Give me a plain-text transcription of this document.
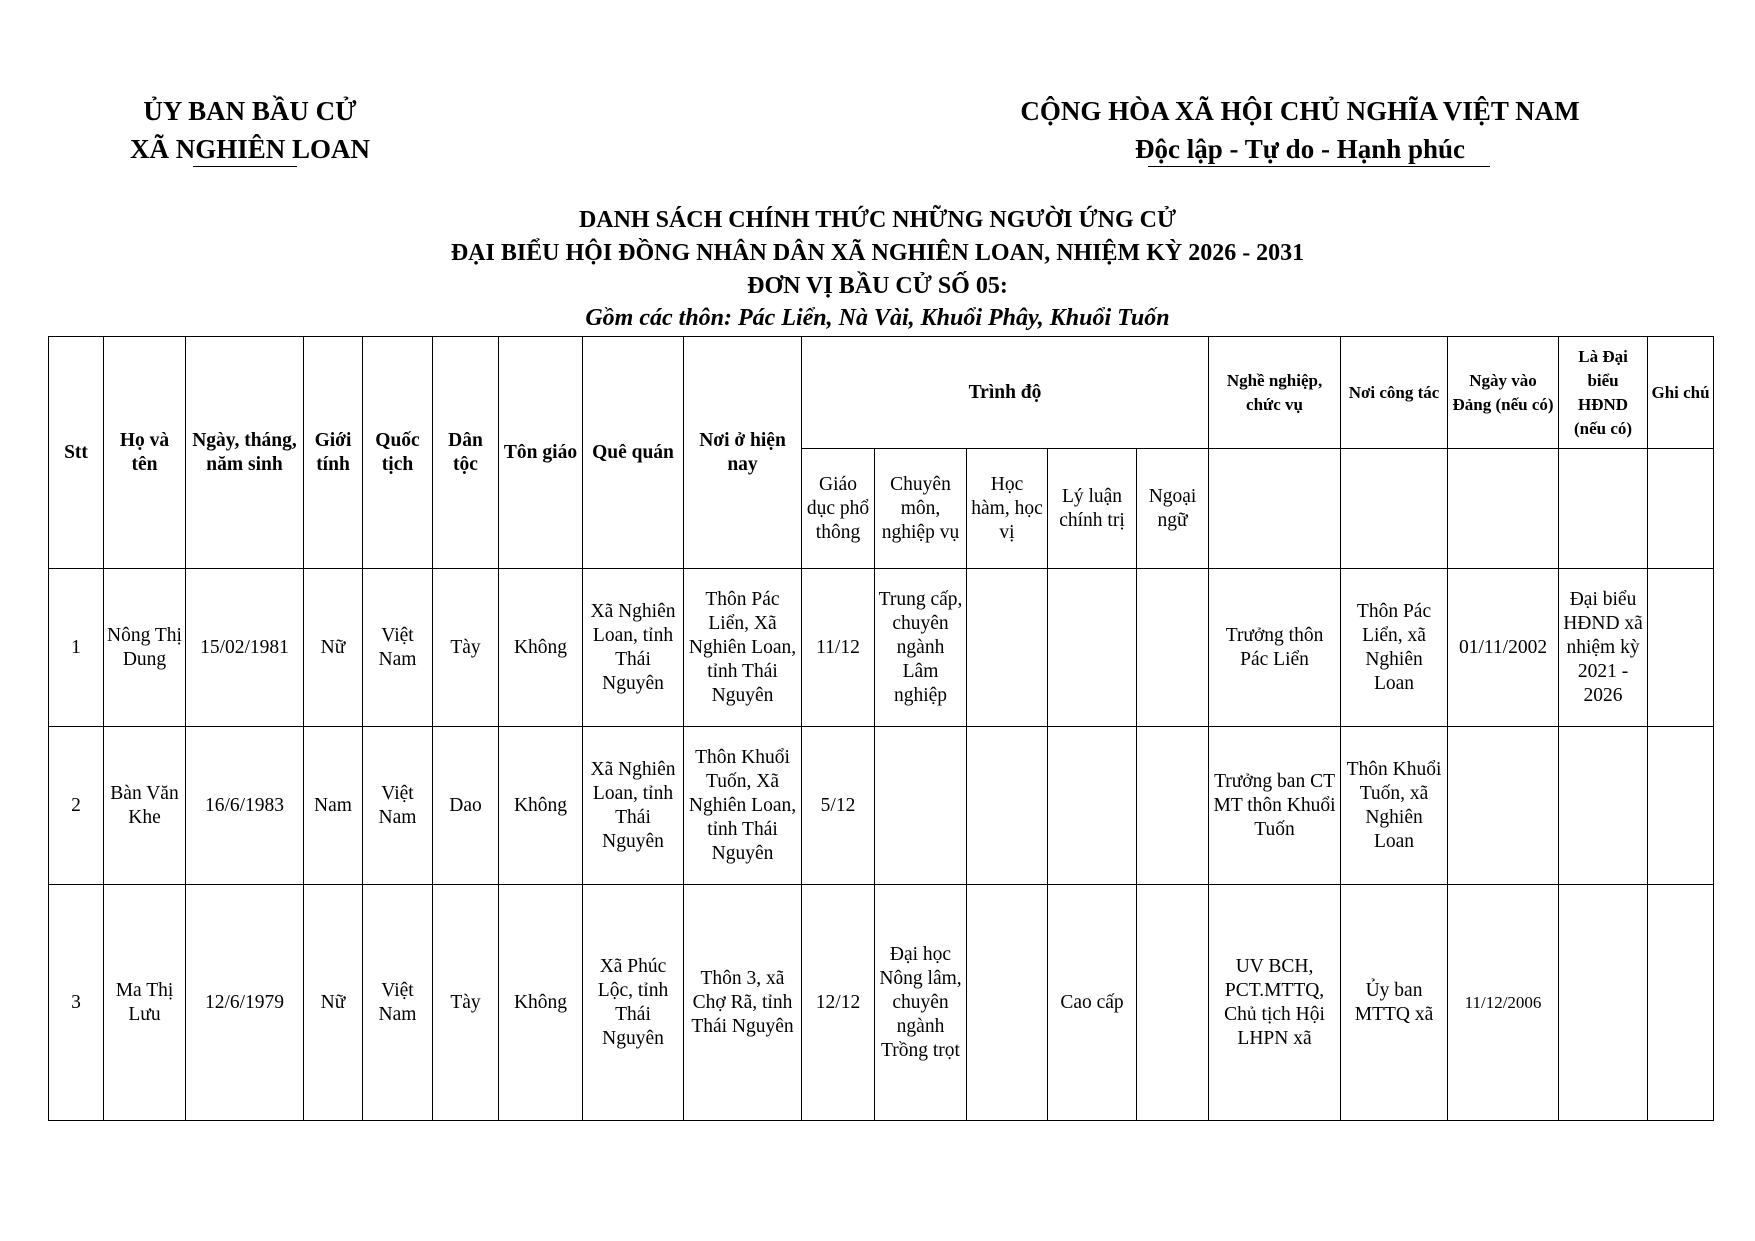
ỦY BAN BẦU CỬ
XÃ NGHIÊN LOAN
CỘNG HÒA XÃ HỘI CHỦ NGHĨA VIỆT NAM
Độc lập - Tự do - Hạnh phúc
DANH SÁCH CHÍNH THỨC NHỮNG NGƯỜI ỨNG CỬ
ĐẠI BIỂU HỘI ĐỒNG NHÂN DÂN XÃ NGHIÊN LOAN, NHIỆM KỲ 2026 - 2031
ĐƠN VỊ BẦU CỬ SỐ 05:
Gồm các thôn: Pác Liển, Nà Vài, Khuổi Phây, Khuổi Tuốn
Stt	Họ và tên	Ngày, tháng, năm sinh	Giới tính	Quốc tịch	Dân tộc	Tôn giáo	Quê quán	Nơi ở hiện nay	Trình độ					Nghề nghiệp, chức vụ	Nơi công tác	Ngày vào Đảng (nếu có)	Là Đại biểu HĐND (nếu có)	Ghi chú
									Giáo dục phổ thông	Chuyên môn, nghiệp vụ	Học hàm, học vị	Lý luận chính trị	Ngoại ngữ					
1	Nông Thị Dung	15/02/1981	Nữ	Việt Nam	Tày	Không	Xã Nghiên Loan, tỉnh Thái Nguyên	Thôn Pác Liển, Xã Nghiên Loan, tỉnh Thái Nguyên	11/12	Trung cấp, chuyên ngành Lâm nghiệp				Trưởng thôn Pác Liển	Thôn Pác Liển, xã Nghiên Loan	01/11/2002	Đại biểu HĐND xã nhiệm kỳ 2021 - 2026	
2	Bàn Văn Khe	16/6/1983	Nam	Việt Nam	Dao	Không	Xã Nghiên Loan, tỉnh Thái Nguyên	Thôn Khuổi Tuốn, Xã Nghiên Loan, tỉnh Thái Nguyên	5/12					Trưởng ban CT MT thôn Khuổi Tuốn	Thôn Khuổi Tuốn, xã Nghiên Loan			
3	Ma Thị Lưu	12/6/1979	Nữ	Việt Nam	Tày	Không	Xã Phúc Lộc, tỉnh Thái Nguyên	Thôn 3, xã Chợ Rã, tỉnh Thái Nguyên	12/12	Đại học Nông lâm, chuyên ngành Trồng trọt		Cao cấp		UV BCH, PCT.MTTQ, Chủ tịch Hội LHPN xã	Ủy ban MTTQ xã	11/12/2006		
